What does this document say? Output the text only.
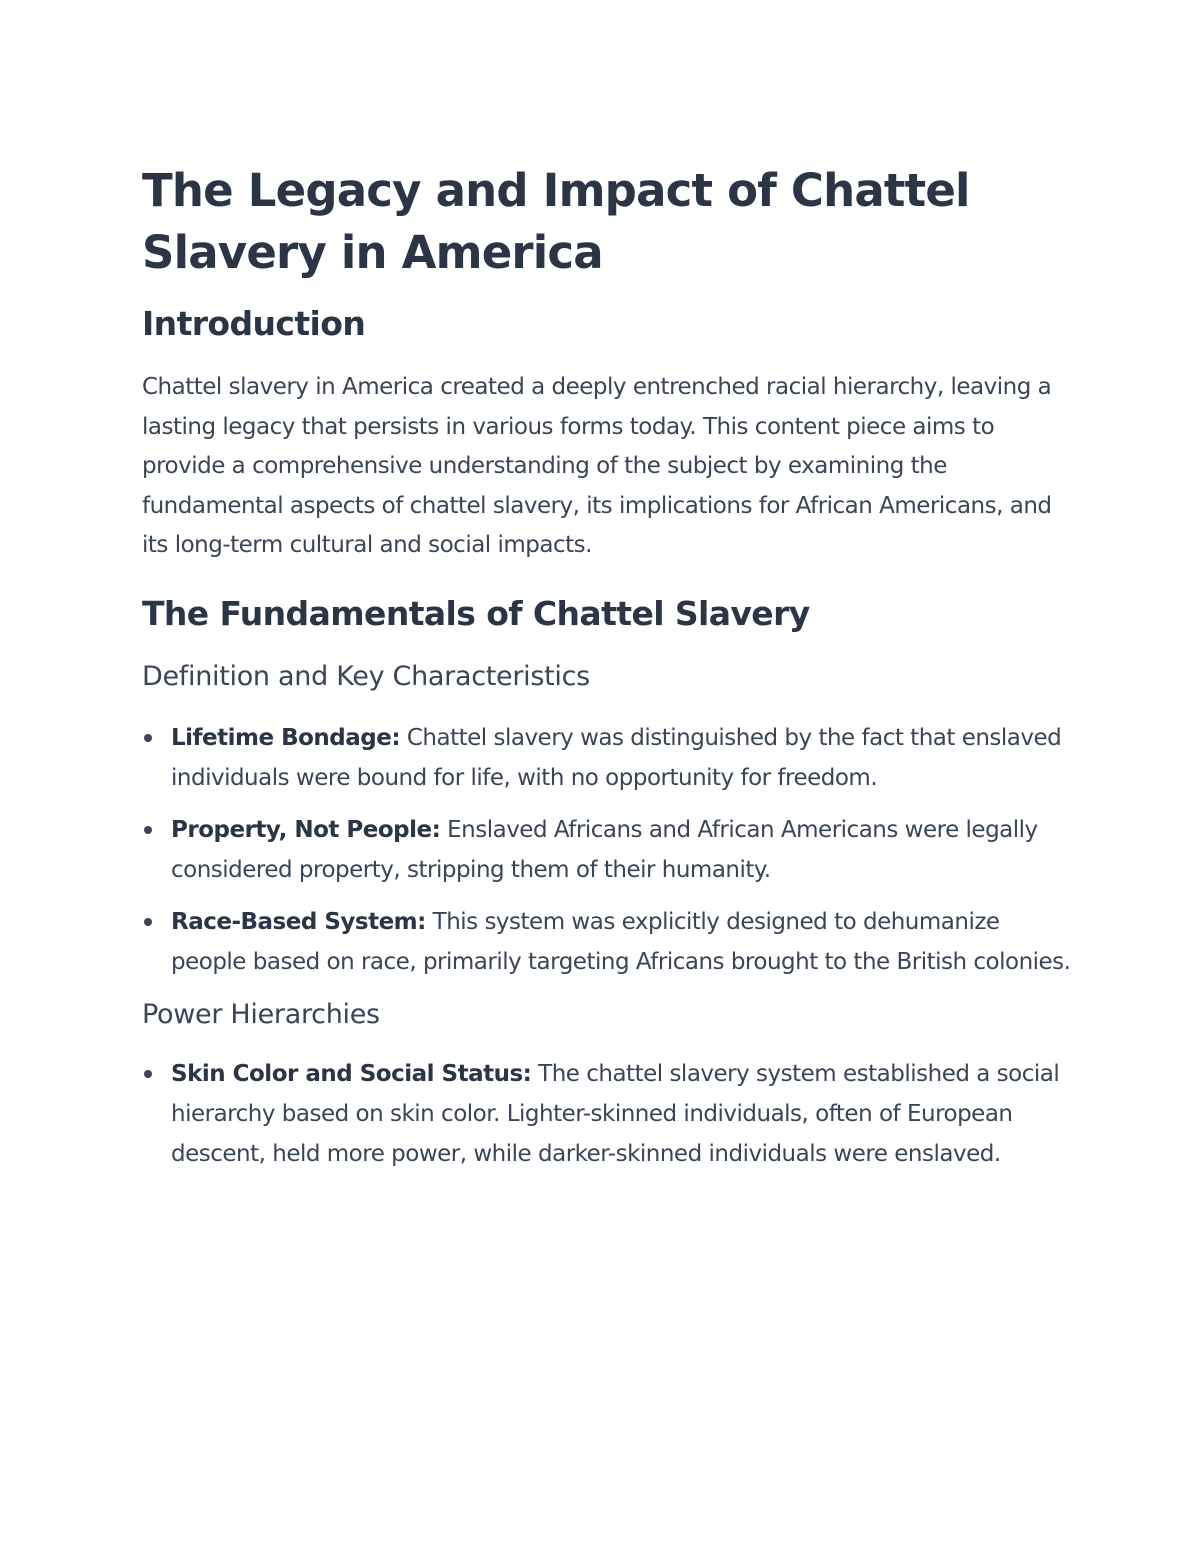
The Legacy and Impact of Chattel Slavery in America
Introduction

Chattel slavery in America created a deeply entrenched racial hierarchy, leaving a lasting legacy that persists in various forms today. This content piece aims to provide a comprehensive understanding of the subject by examining the fundamental aspects of chattel slavery, its implications for African Americans, and its long-term cultural and social impacts.

The Fundamentals of Chattel Slavery
Definition and Key Characteristics
Lifetime Bondage: Chattel slavery was distinguished by the fact that enslaved individuals were bound for life, with no opportunity for freedom.
Property, Not People: Enslaved Africans and African Americans were legally considered property, stripping them of their humanity.
Race-Based System: This system was explicitly designed to dehumanize people based on race, primarily targeting Africans brought to the British colonies.
Power Hierarchies
Skin Color and Social Status: The chattel slavery system established a social hierarchy based on skin color. Lighter-skinned individuals, often of European descent, held more power, while darker-skinned individuals were enslaved.
